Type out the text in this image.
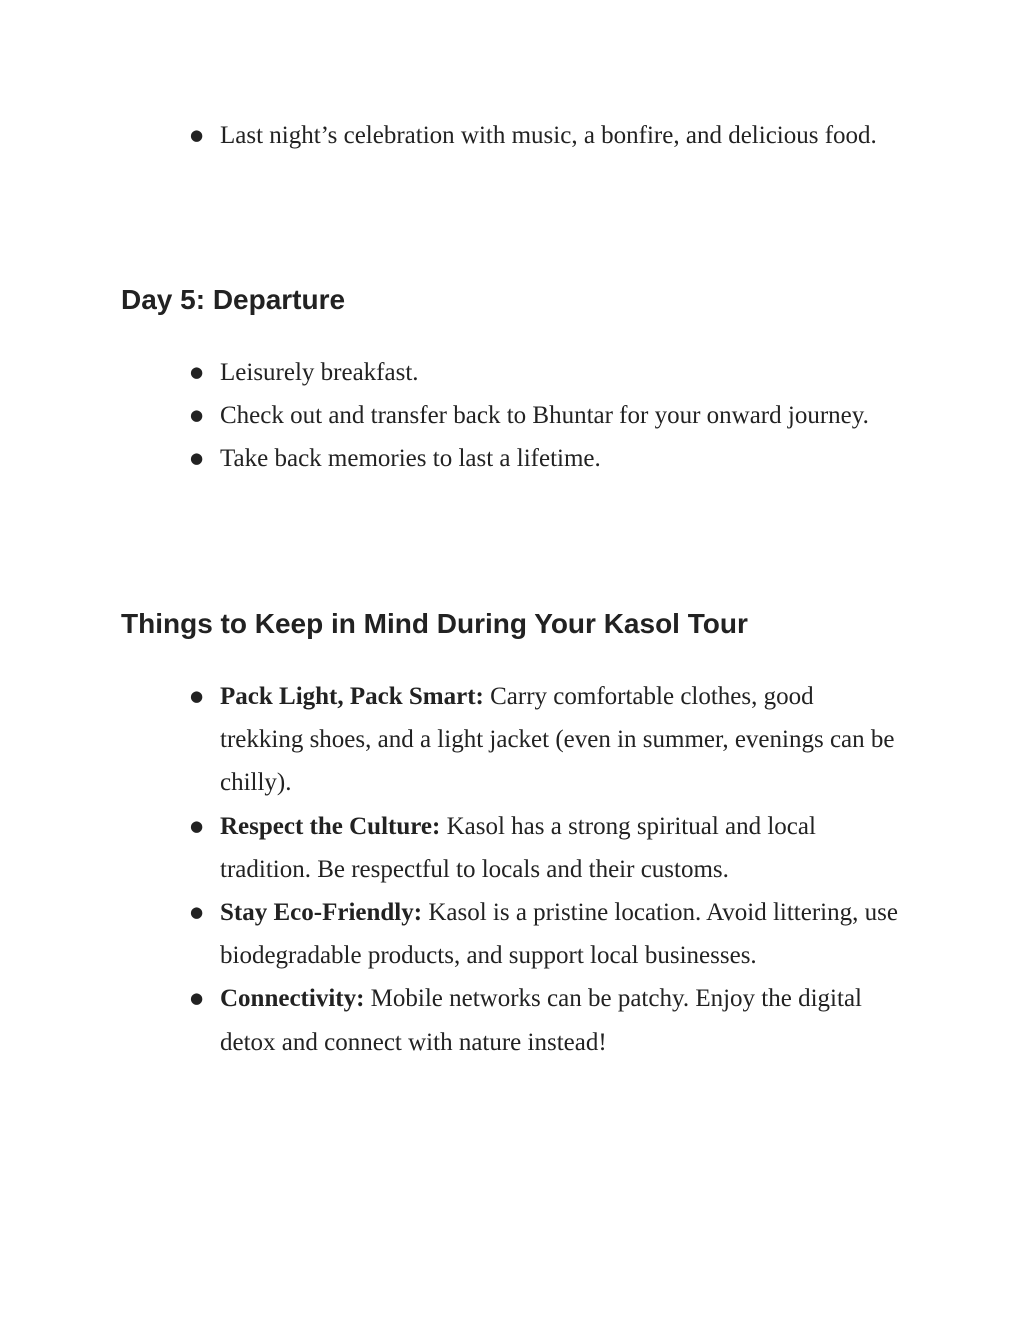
● Last night’s celebration with music, a bonfire, and delicious food.
Day 5: Departure
● Leisurely breakfast.
● Check out and transfer back to Bhuntar for your onward journey.
● Take back memories to last a lifetime.
Things to Keep in Mind During Your Kasol Tour
● Pack Light, Pack Smart: Carry comfortable clothes, good trekking shoes, and a light jacket (even in summer, evenings can be chilly).
● Respect the Culture: Kasol has a strong spiritual and local tradition. Be respectful to locals and their customs.
● Stay Eco-Friendly: Kasol is a pristine location. Avoid littering, use biodegradable products, and support local businesses.
● Connectivity: Mobile networks can be patchy. Enjoy the digital detox and connect with nature instead!
